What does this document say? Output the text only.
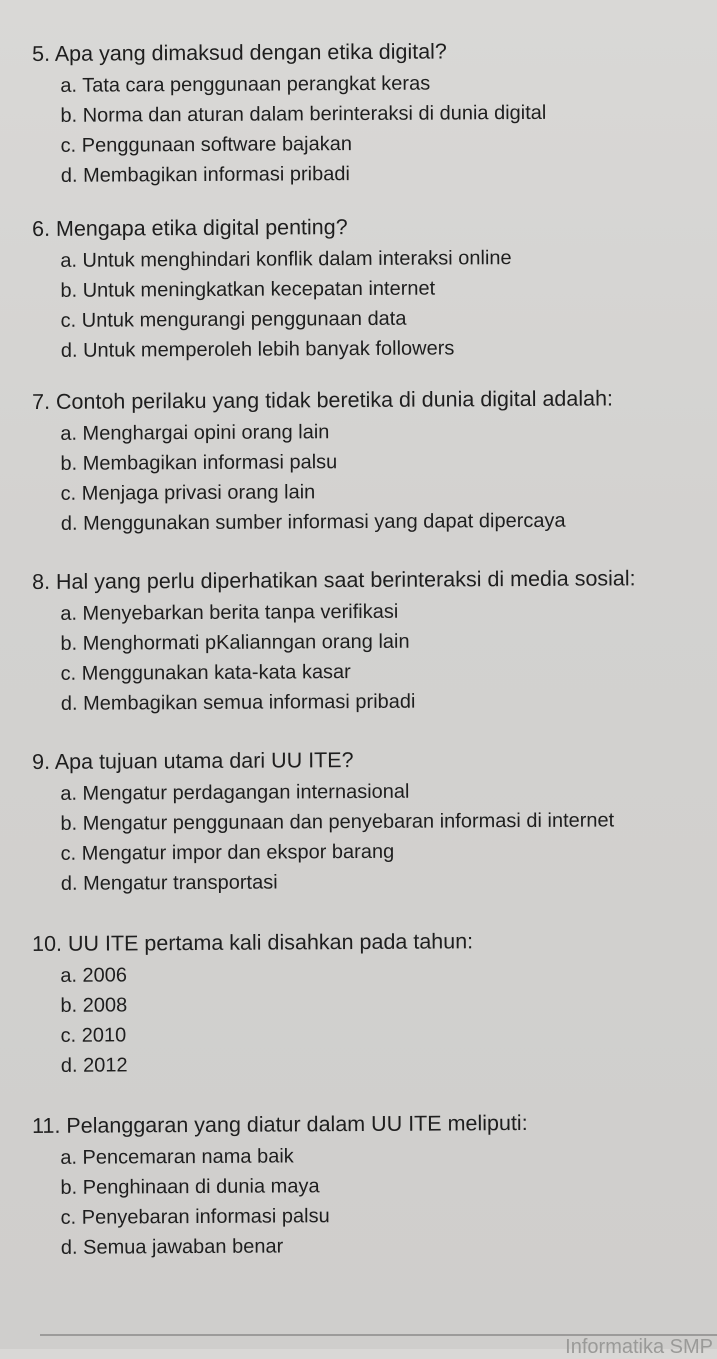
5. Apa yang dimaksud dengan etika digital?
a. Tata cara penggunaan perangkat keras
b. Norma dan aturan dalam berinteraksi di dunia digital
c. Penggunaan software bajakan
d. Membagikan informasi pribadi
6. Mengapa etika digital penting?
a. Untuk menghindari konflik dalam interaksi online
b. Untuk meningkatkan kecepatan internet
c. Untuk mengurangi penggunaan data
d. Untuk memperoleh lebih banyak followers
7. Contoh perilaku yang tidak beretika di dunia digital adalah:
a. Menghargai opini orang lain
b. Membagikan informasi palsu
c. Menjaga privasi orang lain
d. Menggunakan sumber informasi yang dapat dipercaya
8. Hal yang perlu diperhatikan saat berinteraksi di media sosial:
a. Menyebarkan berita tanpa verifikasi
b. Menghormati pKalianngan orang lain
c. Menggunakan kata-kata kasar
d. Membagikan semua informasi pribadi
9. Apa tujuan utama dari UU ITE?
a. Mengatur perdagangan internasional
b. Mengatur penggunaan dan penyebaran informasi di internet
c. Mengatur impor dan ekspor barang
d. Mengatur transportasi
10. UU ITE pertama kali disahkan pada tahun:
a. 2006
b. 2008
c. 2010
d. 2012
11. Pelanggaran yang diatur dalam UU ITE meliputi:
a. Pencemaran nama baik
b. Penghinaan di dunia maya
c. Penyebaran informasi palsu
d. Semua jawaban benar
Informatika SMP
